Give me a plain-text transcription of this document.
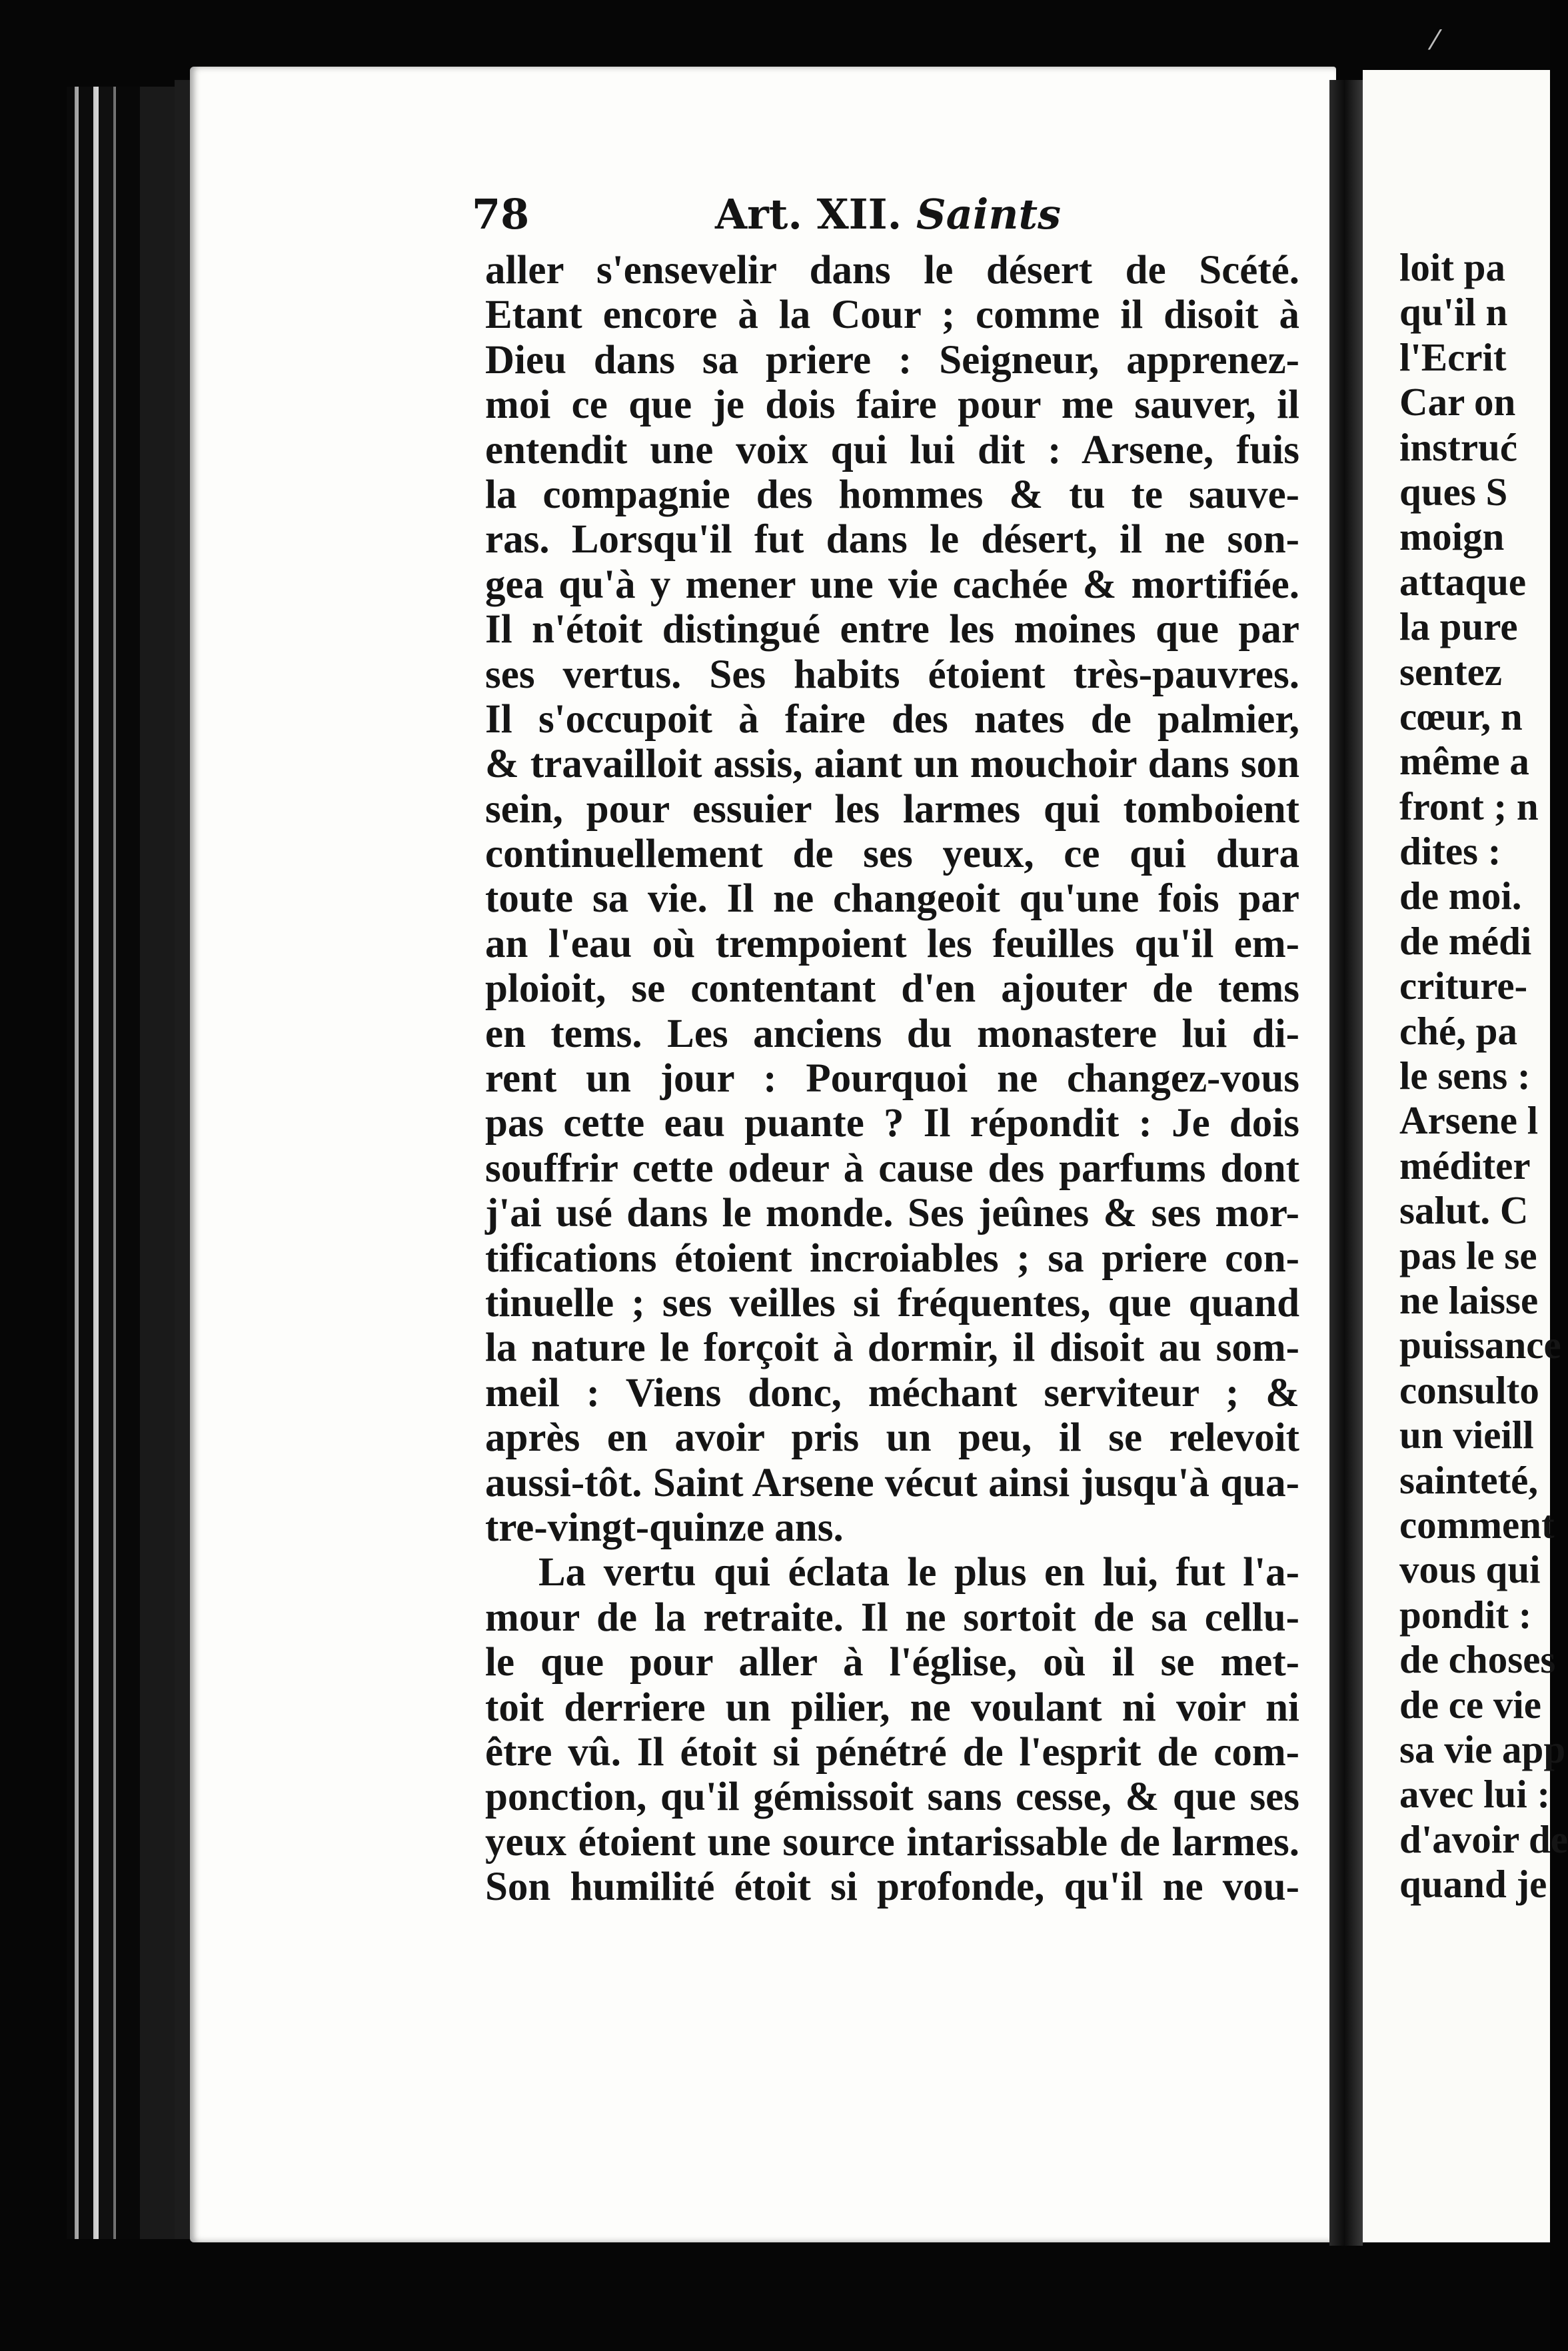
⁄
78	Art. XII. Saints
aller s'ensevelir dans le désert de Scété.
Etant encore à la Cour ; comme il disoit à
Dieu dans sa priere : Seigneur, apprenez-
moi ce que je dois faire pour me sauver, il
entendit une voix qui lui dit : Arsene, fuis
la compagnie des hommes & tu te sauve-
ras. Lorsqu'il fut dans le désert, il ne son-
gea qu'à y mener une vie cachée & mortifiée.
Il n'étoit distingué entre les moines que par
ses vertus. Ses habits étoient très-pauvres.
Il s'occupoit à faire des nates de palmier,
& travailloit assis, aiant un mouchoir dans son
sein, pour essuier les larmes qui tomboient
continuellement de ses yeux, ce qui dura
toute sa vie. Il ne changeoit qu'une fois par
an l'eau où trempoient les feuilles qu'il em-
ploioit, se contentant d'en ajouter de tems
en tems. Les anciens du monastere lui di-
rent un jour : Pourquoi ne changez-vous
pas cette eau puante ? Il répondit : Je dois
souffrir cette odeur à cause des parfums dont
j'ai usé dans le monde. Ses jeûnes & ses mor-
tifications étoient incroiables ; sa priere con-
tinuelle ; ses veilles si fréquentes, que quand
la nature le forçoit à dormir, il disoit au som-
meil : Viens donc, méchant serviteur ; &
après en avoir pris un peu, il se relevoit
aussi-tôt. Saint Arsene vécut ainsi jusqu'à qua-
tre-vingt-quinze ans.
La vertu qui éclata le plus en lui, fut l'a-
mour de la retraite. Il ne sortoit de sa cellu-
le que pour aller à l'église, où il se met-
toit derriere un pilier, ne voulant ni voir ni
être vû. Il étoit si pénétré de l'esprit de com-
ponction, qu'il gémissoit sans cesse, & que ses
yeux étoient une source intarissable de larmes.
Son humilité étoit si profonde, qu'il ne vou-
loit pa
qu'il n
l'Ecrit
Car on
instruć
ques S
moign
attaque
la pure
sentez
cœur, n
même a
front ; n
dites :
de moi.
de médi
criture-
ché, pa
le sens :
Arsene l
méditer
salut. C
pas le se
ne laisse
puissance
consulto
un vieill
sainteté,
comment
vous qui
pondit :
de choses
de ce vie
sa vie app
avec lui :
d'avoir de
quand je
